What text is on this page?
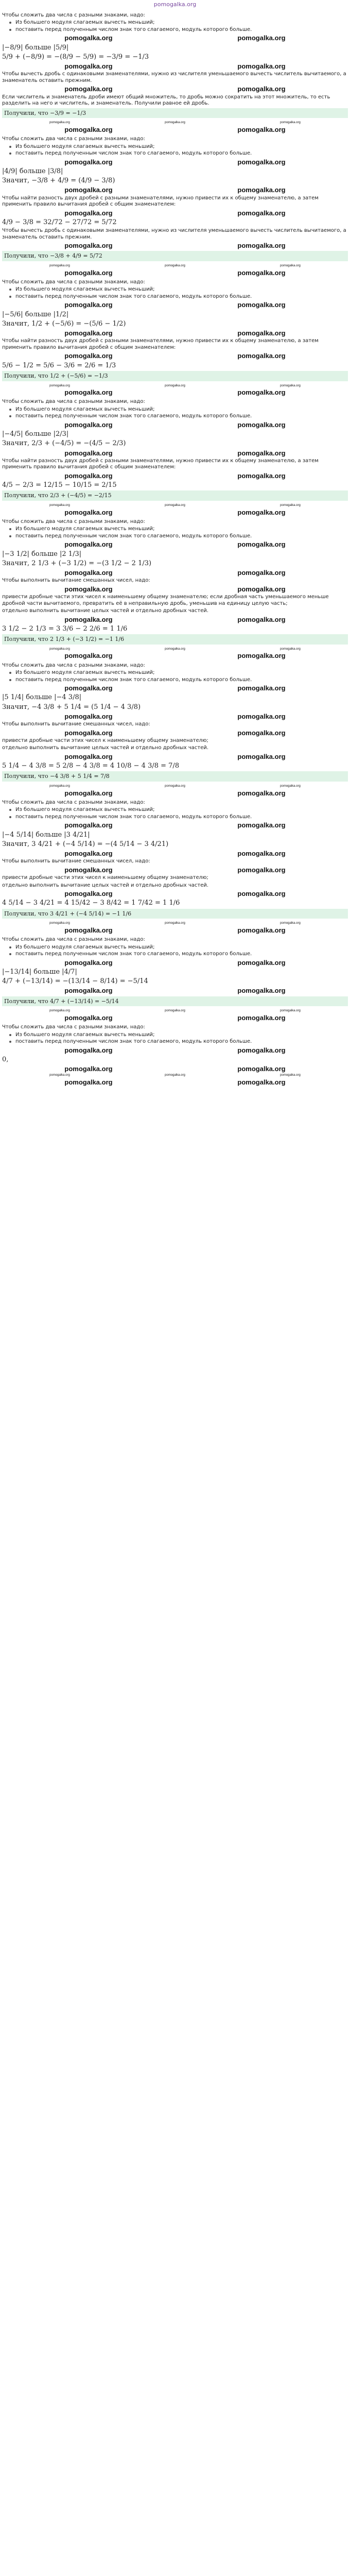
pomogalka.org

Чтобы сложить два числа с разными знаками, надо:

Из большего модуля слагаемых вычесть меньший;
поставить перед полученным числом знак того слагаемого, модуль которого больше.
pomogalka.org	pomogalka.org
|−8/9| больше |5/9|
5/9 + (−8/9) = −(8/9 − 5/9) = −3/9 = −1/3
pomogalka.org	pomogalka.org

Чтобы вычесть дробь с одинаковыми знаменателями, нужно из числителя уменьшаемого вычесть числитель вычитаемого, а знаменатель оставить прежним.

pomogalka.org	pomogalka.org

Если числитель и знаменатель дроби имеют общий множитель, то дробь можно сократить на этот множитель, то есть разделить на него и числитель, и знаменатель. Получили равное ей дробь.

Получили, что −3/9 = −1/3
pomogalka.org	pomogalka.org	pomogalka.org
pomogalka.org	pomogalka.org

Чтобы сложить два числа с разными знаками, надо:

Из большего модуля слагаемых вычесть меньший;
поставить перед полученным числом знак того слагаемого, модуль которого больше.
pomogalka.org	pomogalka.org
|4/9| больше |3/8|
Значит, −3/8 + 4/9 = (4/9 − 3/8)
pomogalka.org	pomogalka.org

Чтобы найти разность двух дробей с разными знаменателями, нужно привести их к общему знаменателю, а затем применить правило вычитания дробей с общим знаменателем:

pomogalka.org	pomogalka.org
4/9 − 3/8 = 32/72 − 27/72 = 5/72

Чтобы вычесть дробь с одинаковыми знаменателями, нужно из числителя уменьшаемого вычесть числитель вычитаемого, а знаменатель оставить прежним.

pomogalka.org	pomogalka.org
Получили, что −3/8 + 4/9 = 5/72
pomogalka.org	pomogalka.org	pomogalka.org
pomogalka.org	pomogalka.org

Чтобы сложить два числа с разными знаками, надо:

Из большего модуля слагаемых вычесть меньший;
поставить перед полученным числом знак того слагаемого, модуль которого больше.
pomogalka.org	pomogalka.org
|−5/6| больше |1/2|
Значит, 1/2 + (−5/6) = −(5/6 − 1/2)
pomogalka.org	pomogalka.org

Чтобы найти разность двух дробей с разными знаменателями, нужно привести их к общему знаменателю, а затем применить правило вычитания дробей с общим знаменателем:

pomogalka.org	pomogalka.org
5/6 − 1/2 = 5/6 − 3/6 = 2/6 = 1/3
Получили, что 1/2 + (−5/6) = −1/3
pomogalka.org	pomogalka.org	pomogalka.org
pomogalka.org	pomogalka.org

Чтобы сложить два числа с разными знаками, надо:

Из большего модуля слагаемых вычесть меньший;
поставить перед полученным числом знак того слагаемого, модуль которого больше.
pomogalka.org	pomogalka.org
|−4/5| больше |2/3|
Значит, 2/3 + (−4/5) = −(4/5 − 2/3)
pomogalka.org	pomogalka.org

Чтобы найти разность двух дробей с разными знаменателями, нужно привести их к общему знаменателю, а затем применить правило вычитания дробей с общим знаменателем:

pomogalka.org	pomogalka.org
4/5 − 2/3 = 12/15 − 10/15 = 2/15
Получили, что 2/3 + (−4/5) = −2/15
pomogalka.org	pomogalka.org	pomogalka.org
pomogalka.org	pomogalka.org

Чтобы сложить два числа с разными знаками, надо:

Из большего модуля слагаемых вычесть меньший;
поставить перед полученным числом знак того слагаемого, модуль которого больше.
pomogalka.org	pomogalka.org
|−3 1/2| больше |2 1/3|
Значит, 2 1/3 + (−3 1/2) = −(3 1/2 − 2 1/3)
pomogalka.org	pomogalka.org

Чтобы выполнить вычитание смешанных чисел, надо:

pomogalka.org	pomogalka.org

привести дробные части этих чисел к наименьшему общему знаменателю; если дробная часть уменьшаемого меньше дробной части вычитаемого, превратить её в неправильную дробь, уменьшив на единицу целую часть;

отдельно выполнить вычитание целых частей и отдельно дробных частей.

pomogalka.org	pomogalka.org
3 1/2 − 2 1/3 = 3 3/6 − 2 2/6 = 1 1/6
Получили, что 2 1/3 + (−3 1/2) = −1 1/6
pomogalka.org	pomogalka.org	pomogalka.org
pomogalka.org	pomogalka.org

Чтобы сложить два числа с разными знаками, надо:

Из большего модуля слагаемых вычесть меньший;
поставить перед полученным числом знак того слагаемого, модуль которого больше.
pomogalka.org	pomogalka.org
|5 1/4| больше |−4 3/8|
Значит, −4 3/8 + 5 1/4 = (5 1/4 − 4 3/8)
pomogalka.org	pomogalka.org

Чтобы выполнить вычитание смешанных чисел, надо:

pomogalka.org	pomogalka.org

привести дробные части этих чисел к наименьшему общему знаменателю;

отдельно выполнить вычитание целых частей и отдельно дробных частей.

pomogalka.org	pomogalka.org
5 1/4 − 4 3/8 = 5 2/8 − 4 3/8 = 4 10/8 − 4 3/8 = 7/8
Получили, что −4 3/8 + 5 1/4 = 7/8
pomogalka.org	pomogalka.org	pomogalka.org
pomogalka.org	pomogalka.org

Чтобы сложить два числа с разными знаками, надо:

Из большего модуля слагаемых вычесть меньший;
поставить перед полученным числом знак того слагаемого, модуль которого больше.
pomogalka.org	pomogalka.org
|−4 5/14| больше |3 4/21|
Значит, 3 4/21 + (−4 5/14) = −(4 5/14 − 3 4/21)
pomogalka.org	pomogalka.org

Чтобы выполнить вычитание смешанных чисел, надо:

pomogalka.org	pomogalka.org

привести дробные части этих чисел к наименьшему общему знаменателю;

отдельно выполнить вычитание целых частей и отдельно дробных частей.

pomogalka.org	pomogalka.org
4 5/14 − 3 4/21 = 4 15/42 − 3 8/42 = 1 7/42 = 1 1/6
Получили, что 3 4/21 + (−4 5/14) = −1 1/6
pomogalka.org	pomogalka.org	pomogalka.org
pomogalka.org	pomogalka.org

Чтобы сложить два числа с разными знаками, надо:

Из большего модуля слагаемых вычесть меньший;
поставить перед полученным числом знак того слагаемого, модуль которого больше.
pomogalka.org	pomogalka.org
|−13/14| больше |4/7|
4/7 + (−13/14) = −(13/14 − 8/14) = −5/14
pomogalka.org	pomogalka.org
Получили, что 4/7 + (−13/14) = −5/14
pomogalka.org	pomogalka.org	pomogalka.org
pomogalka.org	pomogalka.org

Чтобы сложить два числа с разными знаками, надо:

Из большего модуля слагаемых вычесть меньший;
поставить перед полученным числом знак того слагаемого, модуль которого больше.
pomogalka.org	pomogalka.org
0,
pomogalka.org	pomogalka.org
pomogalka.org	pomogalka.org	pomogalka.org
pomogalka.org	pomogalka.org
